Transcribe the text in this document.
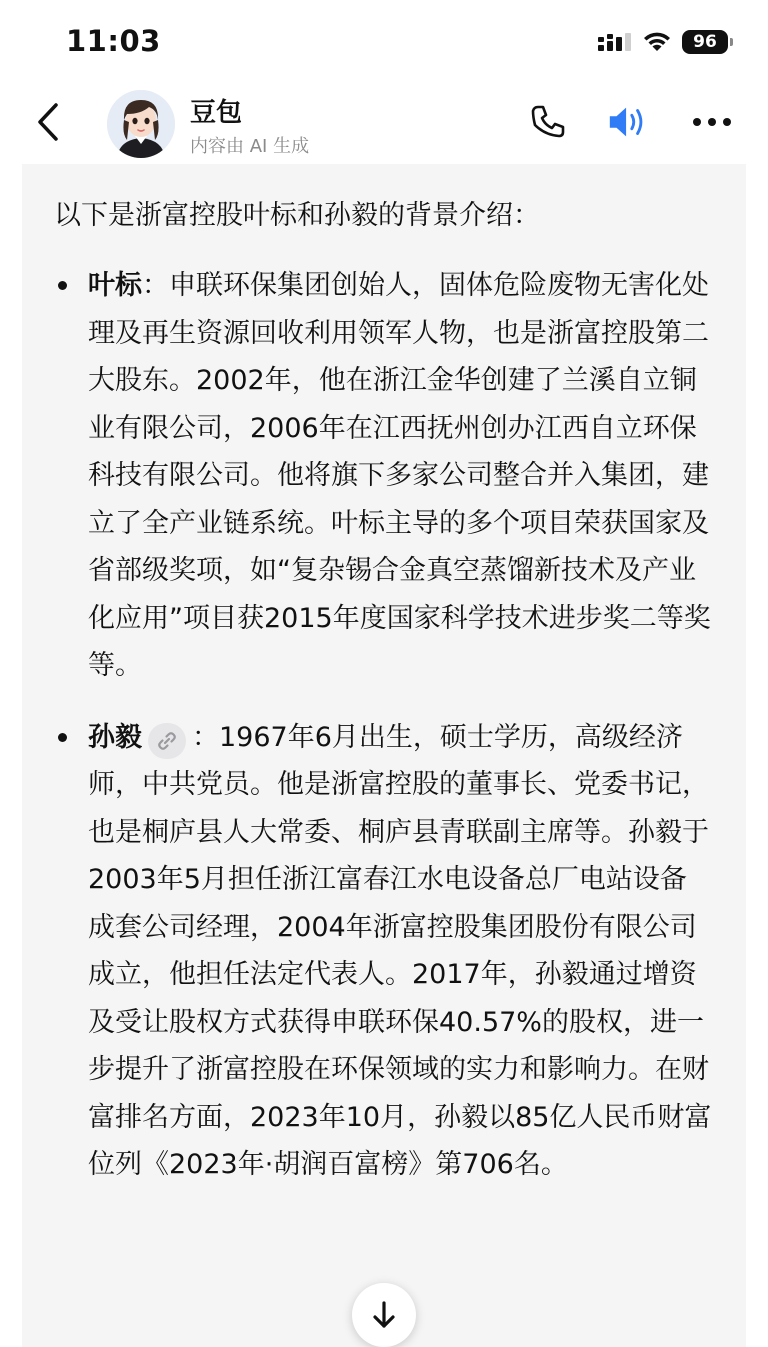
11:03	96
豆包
内容由 AI 生成

以下是浙富控股叶标和孙毅的背景介绍：

叶标：申联环保集团创始人，固体危险废物无害化处理及再生资源回收利用领军人物，也是浙富控股第二大股东。2002年，他在浙江金华创建了兰溪自立铜业有限公司，2006年在江西抚州创办江西自立环保科技有限公司。他将旗下多家公司整合并入集团，建立了全产业链系统。叶标主导的多个项目荣获国家及省部级奖项，如“复杂锡合金真空蒸馏新技术及产业化应用”项目获2015年度国家科学技术进步奖二等奖等。
孙毅 ：1967年6月出生，硕士学历，高级经济师，中共党员。他是浙富控股的董事长、党委书记，也是桐庐县人大常委、桐庐县青联副主席等。孙毅于2003年5月担任浙江富春江水电设备总厂电站设备成套公司经理，2004年浙富控股集团股份有限公司成立，他担任法定代表人。2017年，孙毅通过增资及受让股权方式获得申联环保40.57%的股权，进一步提升了浙富控股在环保领域的实力和影响力。在财富排名方面，2023年10月，孙毅以85亿人民币财富位列《2023年·胡润百富榜》第706名。
